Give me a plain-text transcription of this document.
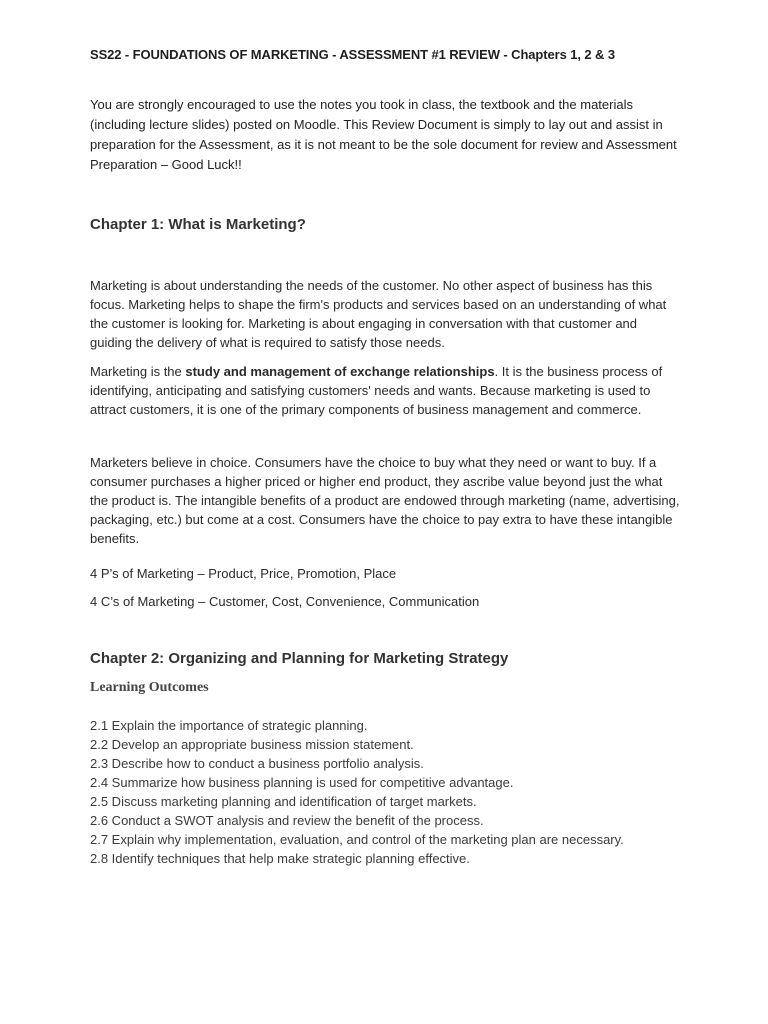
SS22 - FOUNDATIONS OF MARKETING - ASSESSMENT #1 REVIEW - Chapters 1, 2 & 3
You are strongly encouraged to use the notes you took in class, the textbook and the materials (including lecture slides) posted on Moodle. This Review Document is simply to lay out and assist in preparation for the Assessment, as it is not meant to be the sole document for review and Assessment Preparation – Good Luck!!
Chapter 1: What is Marketing?
Marketing is about understanding the needs of the customer. No other aspect of business has this focus. Marketing helps to shape the firm's products and services based on an understanding of what the customer is looking for. Marketing is about engaging in conversation with that customer and guiding the delivery of what is required to satisfy those needs.
Marketing is the study and management of exchange relationships. It is the business process of identifying, anticipating and satisfying customers' needs and wants. Because marketing is used to attract customers, it is one of the primary components of business management and commerce.
Marketers believe in choice. Consumers have the choice to buy what they need or want to buy. If a consumer purchases a higher priced or higher end product, they ascribe value beyond just the what the product is. The intangible benefits of a product are endowed through marketing (name, advertising, packaging, etc.) but come at a cost. Consumers have the choice to pay extra to have these intangible benefits.
4 P’s of Marketing – Product, Price, Promotion, Place
4 C’s of Marketing – Customer, Cost, Convenience, Communication
Chapter 2: Organizing and Planning for Marketing Strategy
Learning Outcomes
2.1 Explain the importance of strategic planning.
2.2 Develop an appropriate business mission statement.
2.3 Describe how to conduct a business portfolio analysis.
2.4 Summarize how business planning is used for competitive advantage.
2.5 Discuss marketing planning and identification of target markets.
2.6 Conduct a SWOT analysis and review the benefit of the process.
2.7 Explain why implementation, evaluation, and control of the marketing plan are necessary.
2.8 Identify techniques that help make strategic planning effective.
